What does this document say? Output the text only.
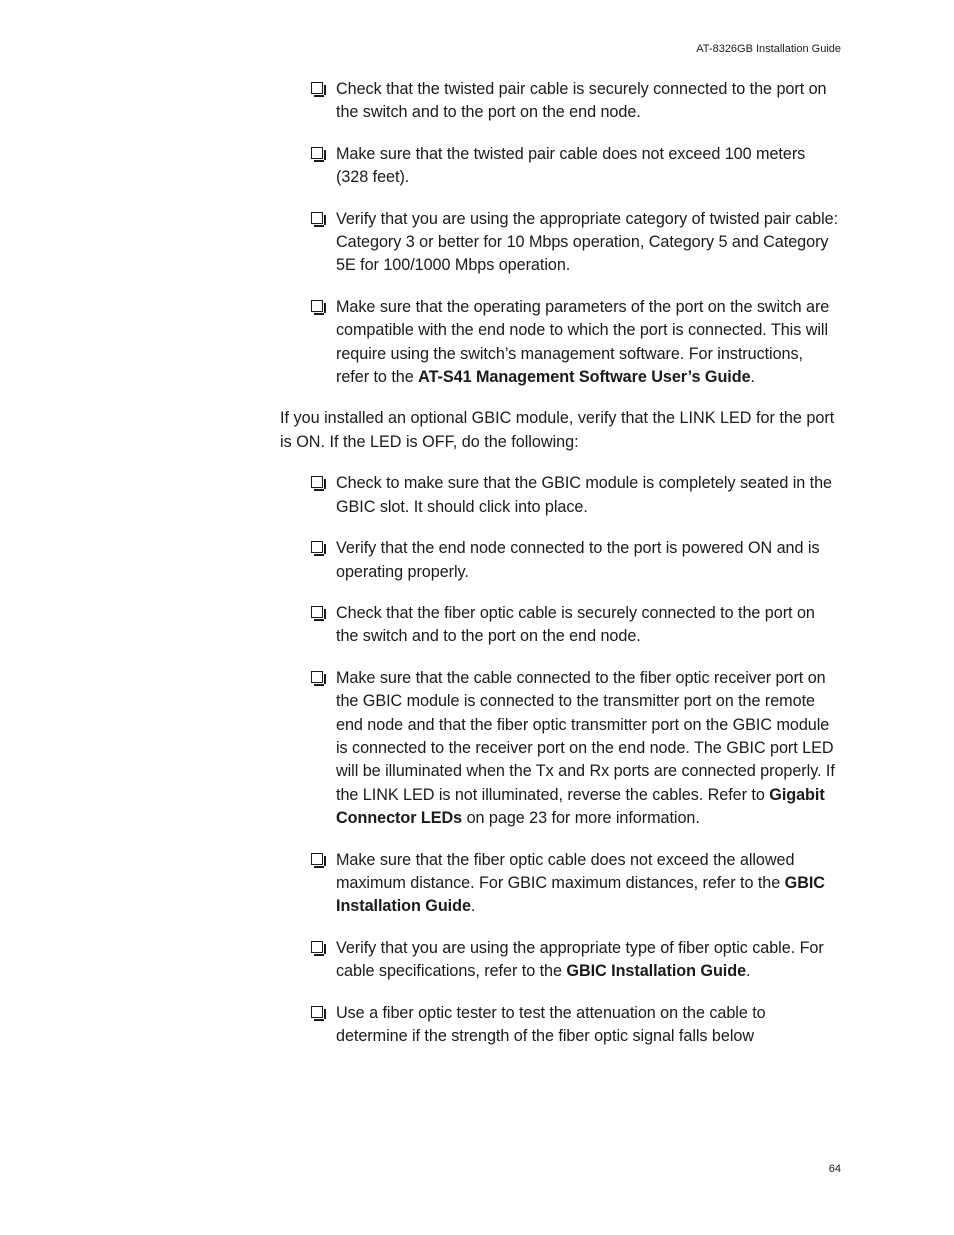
AT-8326GB Installation Guide
Check that the twisted pair cable is securely connected to the port on the switch and to the port on the end node.
Make sure that the twisted pair cable does not exceed 100 meters (328 feet).
Verify that you are using the appropriate category of twisted pair cable: Category 3 or better for 10 Mbps operation, Category 5 and Category 5E for 100/1000 Mbps operation.
Make sure that the operating parameters of the port on the switch are compatible with the end node to which the port is connected. This will require using the switch’s management software. For instructions, refer to the AT-S41 Management Software User’s Guide.

If you installed an optional GBIC module, verify that the LINK LED for the port is ON. If the LED is OFF, do the following:

Check to make sure that the GBIC module is completely seated in the GBIC slot. It should click into place.
Verify that the end node connected to the port is powered ON and is operating properly.
Check that the fiber optic cable is securely connected to the port on the switch and to the port on the end node.
Make sure that the cable connected to the fiber optic receiver port on the GBIC module is connected to the transmitter port on the remote end node and that the fiber optic transmitter port on the GBIC module is connected to the receiver port on the end node. The GBIC port LED will be illuminated when the Tx and Rx ports are connected properly. If the LINK LED is not illuminated, reverse the cables. Refer to Gigabit Connector LEDs on page 23 for more information.
Make sure that the fiber optic cable does not exceed the allowed maximum distance. For GBIC maximum distances, refer to the GBIC Installation Guide.
Verify that you are using the appropriate type of fiber optic cable. For cable specifications, refer to the GBIC Installation Guide.
Use a fiber optic tester to test the attenuation on the cable to determine if the strength of the fiber optic signal falls below
64
